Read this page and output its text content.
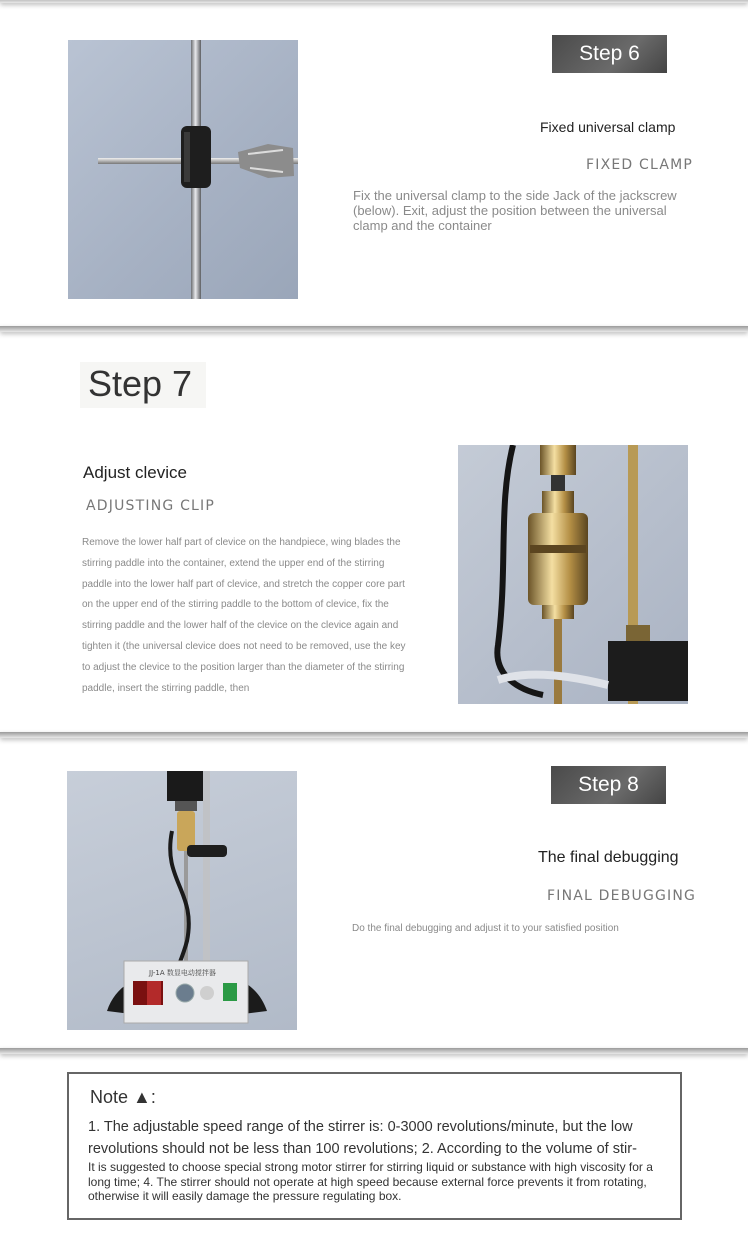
Step 6
Fixed universal clamp
FIXED CLAMP
Fix the universal clamp to the side Jack of the jackscrew (below). Exit, adjust the position between the universal clamp and the container
Step 7
Adjust clevice
ADJUSTING CLIP
Remove the lower half part of clevice on the handpiece, wing blades the stirring paddle into the container, extend the upper end of the stirring paddle into the lower half part of clevice, and stretch the copper core part on the upper end of the stirring paddle to the bottom of clevice, fix the stirring paddle and the lower half of the clevice on the clevice again and tighten it (the universal clevice does not need to be removed, use the key to adjust the clevice to the position larger than the diameter of the stirring paddle, insert the stirring paddle, then
JJ-1A 数显电动搅拌器
Step 8
The final debugging
FINAL DEBUGGING
Do the final debugging and adjust it to your satisfied position
Note ▲:
1. The adjustable speed range of the stirrer is: 0-3000 revolutions/minute, but the low revolutions should not be less than 100 revolutions; 2. According to the volume of stir-
It is suggested to choose special strong motor stirrer for stirring liquid or substance with high viscosity for a long time; 4. The stirrer should not operate at high speed because external force prevents it from rotating, otherwise it will easily damage the pressure regulating box.
